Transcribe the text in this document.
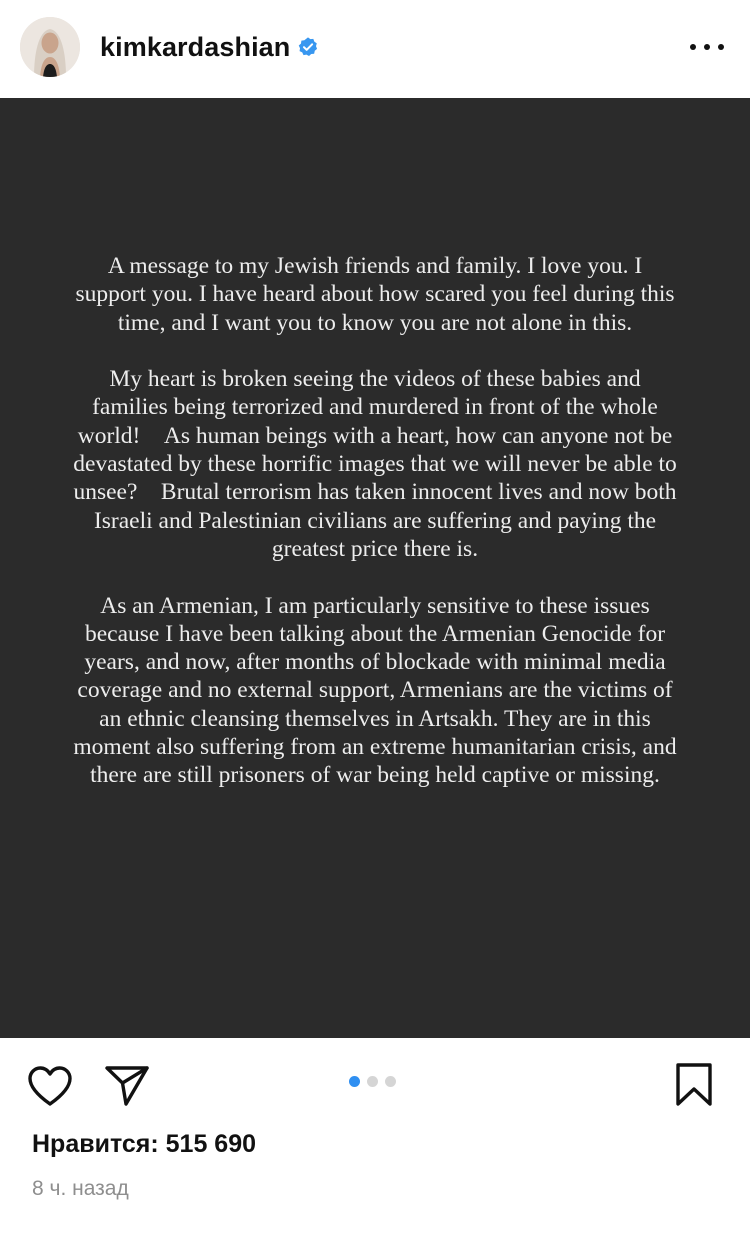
kimkardashian

A message to my Jewish friends and family. I love you. I support you. I have heard about how scared you feel during this time, and I want you to know you are not alone in this.

My heart is broken seeing the videos of these babies and families being terrorized and murdered in front of the whole world! As human beings with a heart, how can anyone not be devastated by these horrific images that we will never be able to unsee? Brutal terrorism has taken innocent lives and now both Israeli and Palestinian civilians are suffering and paying the greatest price there is.

As an Armenian, I am particularly sensitive to these issues because I have been talking about the Armenian Genocide for years, and now, after months of blockade with minimal media coverage and no external support, Armenians are the victims of an ethnic cleansing themselves in Artsakh. They are in this moment also suffering from an extreme humanitarian crisis, and there are still prisoners of war being held captive or missing.

Нравится: 515 690
8 ч. назад
